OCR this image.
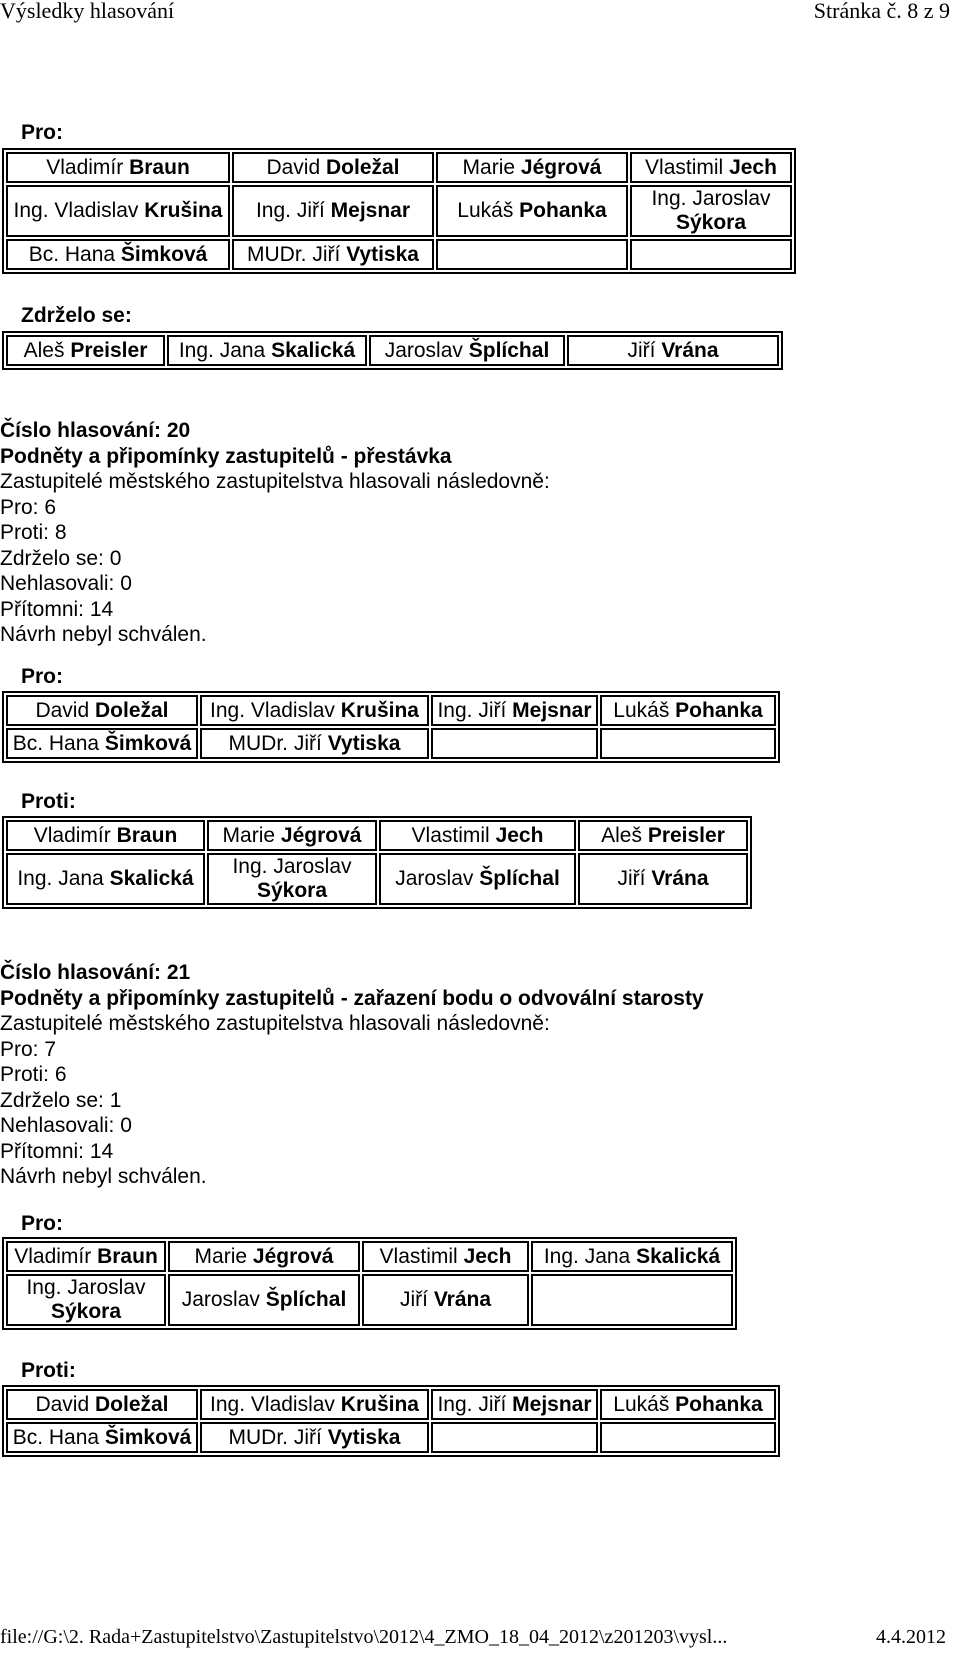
Výsledky hlasování	Stránka č. 8 z 9
Pro:
Vladimír Braun	David Doležal	Marie Jégrová	Vlastimil Jech
Ing. Vladislav Krušina	Ing. Jiří Mejsnar	Lukáš Pohanka	Ing. Jaroslav Sýkora
Bc. Hana Šimková	MUDr. Jiří Vytiska		
Zdrželo se:
Aleš Preisler	Ing. Jana Skalická	Jaroslav Šplíchal	Jiří Vrána
Číslo hlasování: 20
Podněty a připomínky zastupitelů - přestávka
Zastupitelé městského zastupitelstva hlasovali následovně:
Pro: 6
Proti: 8
Zdrželo se: 0
Nehlasovali: 0
Přítomni: 14
Návrh nebyl schválen.
Pro:
David Doležal	Ing. Vladislav Krušina	Ing. Jiří Mejsnar	Lukáš Pohanka
Bc. Hana Šimková	MUDr. Jiří Vytiska		
Proti:
Vladimír Braun	Marie Jégrová	Vlastimil Jech	Aleš Preisler
Ing. Jana Skalická	Ing. Jaroslav Sýkora	Jaroslav Šplíchal	Jiří Vrána
Číslo hlasování: 21
Podněty a připomínky zastupitelů - zařazení bodu o odvovální starosty
Zastupitelé městského zastupitelstva hlasovali následovně:
Pro: 7
Proti: 6
Zdrželo se: 1
Nehlasovali: 0
Přítomni: 14
Návrh nebyl schválen.
Pro:
Vladimír Braun	Marie Jégrová	Vlastimil Jech	Ing. Jana Skalická
Ing. Jaroslav Sýkora	Jaroslav Šplíchal	Jiří Vrána	
Proti:
David Doležal	Ing. Vladislav Krušina	Ing. Jiří Mejsnar	Lukáš Pohanka
Bc. Hana Šimková	MUDr. Jiří Vytiska		
file://G:\2. Rada+Zastupitelstvo\Zastupitelstvo\2012\4_ZMO_18_04_2012\z201203\vysl...	4.4.2012
